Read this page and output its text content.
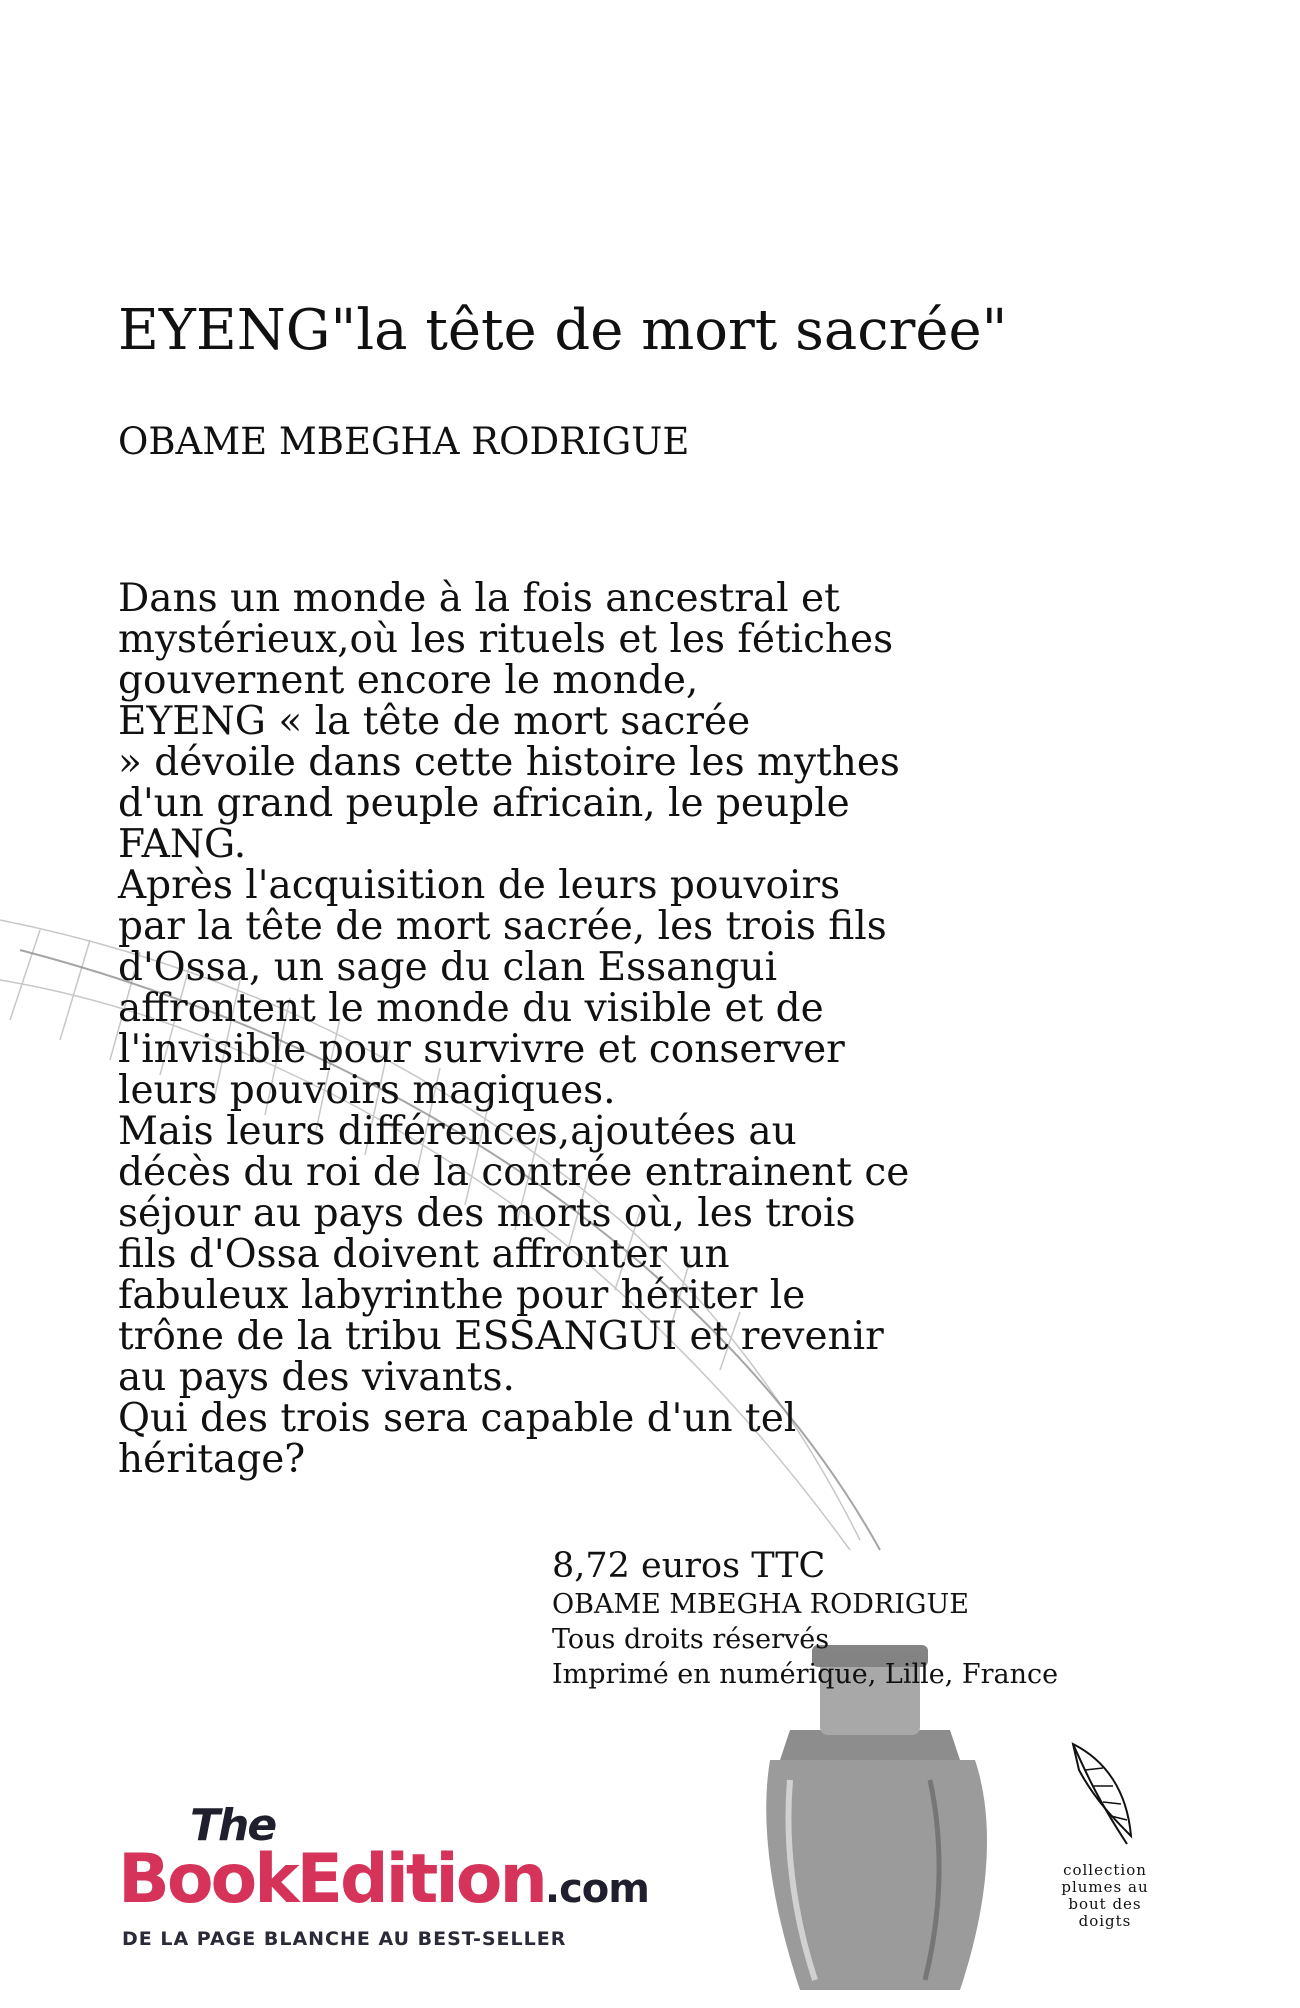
EYENG"la tête de mort sacrée"
OBAME MBEGHA RODRIGUE
Dans un monde à la fois ancestral et
mystérieux,où les rituels et les fétiches
gouvernent encore le monde,
EYENG « la tête de mort sacrée
» dévoile dans cette histoire les mythes
d'un grand peuple africain, le peuple
FANG.
Après l'acquisition de leurs pouvoirs
par la tête de mort sacrée, les trois fils
d'Ossa, un sage du clan Essangui
affrontent le monde du visible et de
l'invisible pour survivre et conserver
leurs pouvoirs magiques.
Mais leurs différences,ajoutées au
décès du roi de la contrée entrainent ce
séjour au pays des morts où, les trois
fils d'Ossa doivent affronter un
fabuleux labyrinthe pour hériter le
trône de la tribu ESSANGUI et revenir
au pays des vivants.
Qui des trois sera capable d'un tel
héritage?
8,72 euros TTC
OBAME MBEGHA RODRIGUE
Tous droits réservés
Imprimé en numérique, Lille, France
The
BookEdition.com
DE LA PAGE BLANCHE AU BEST-SELLER
collection
plumes au
bout des
doigts
